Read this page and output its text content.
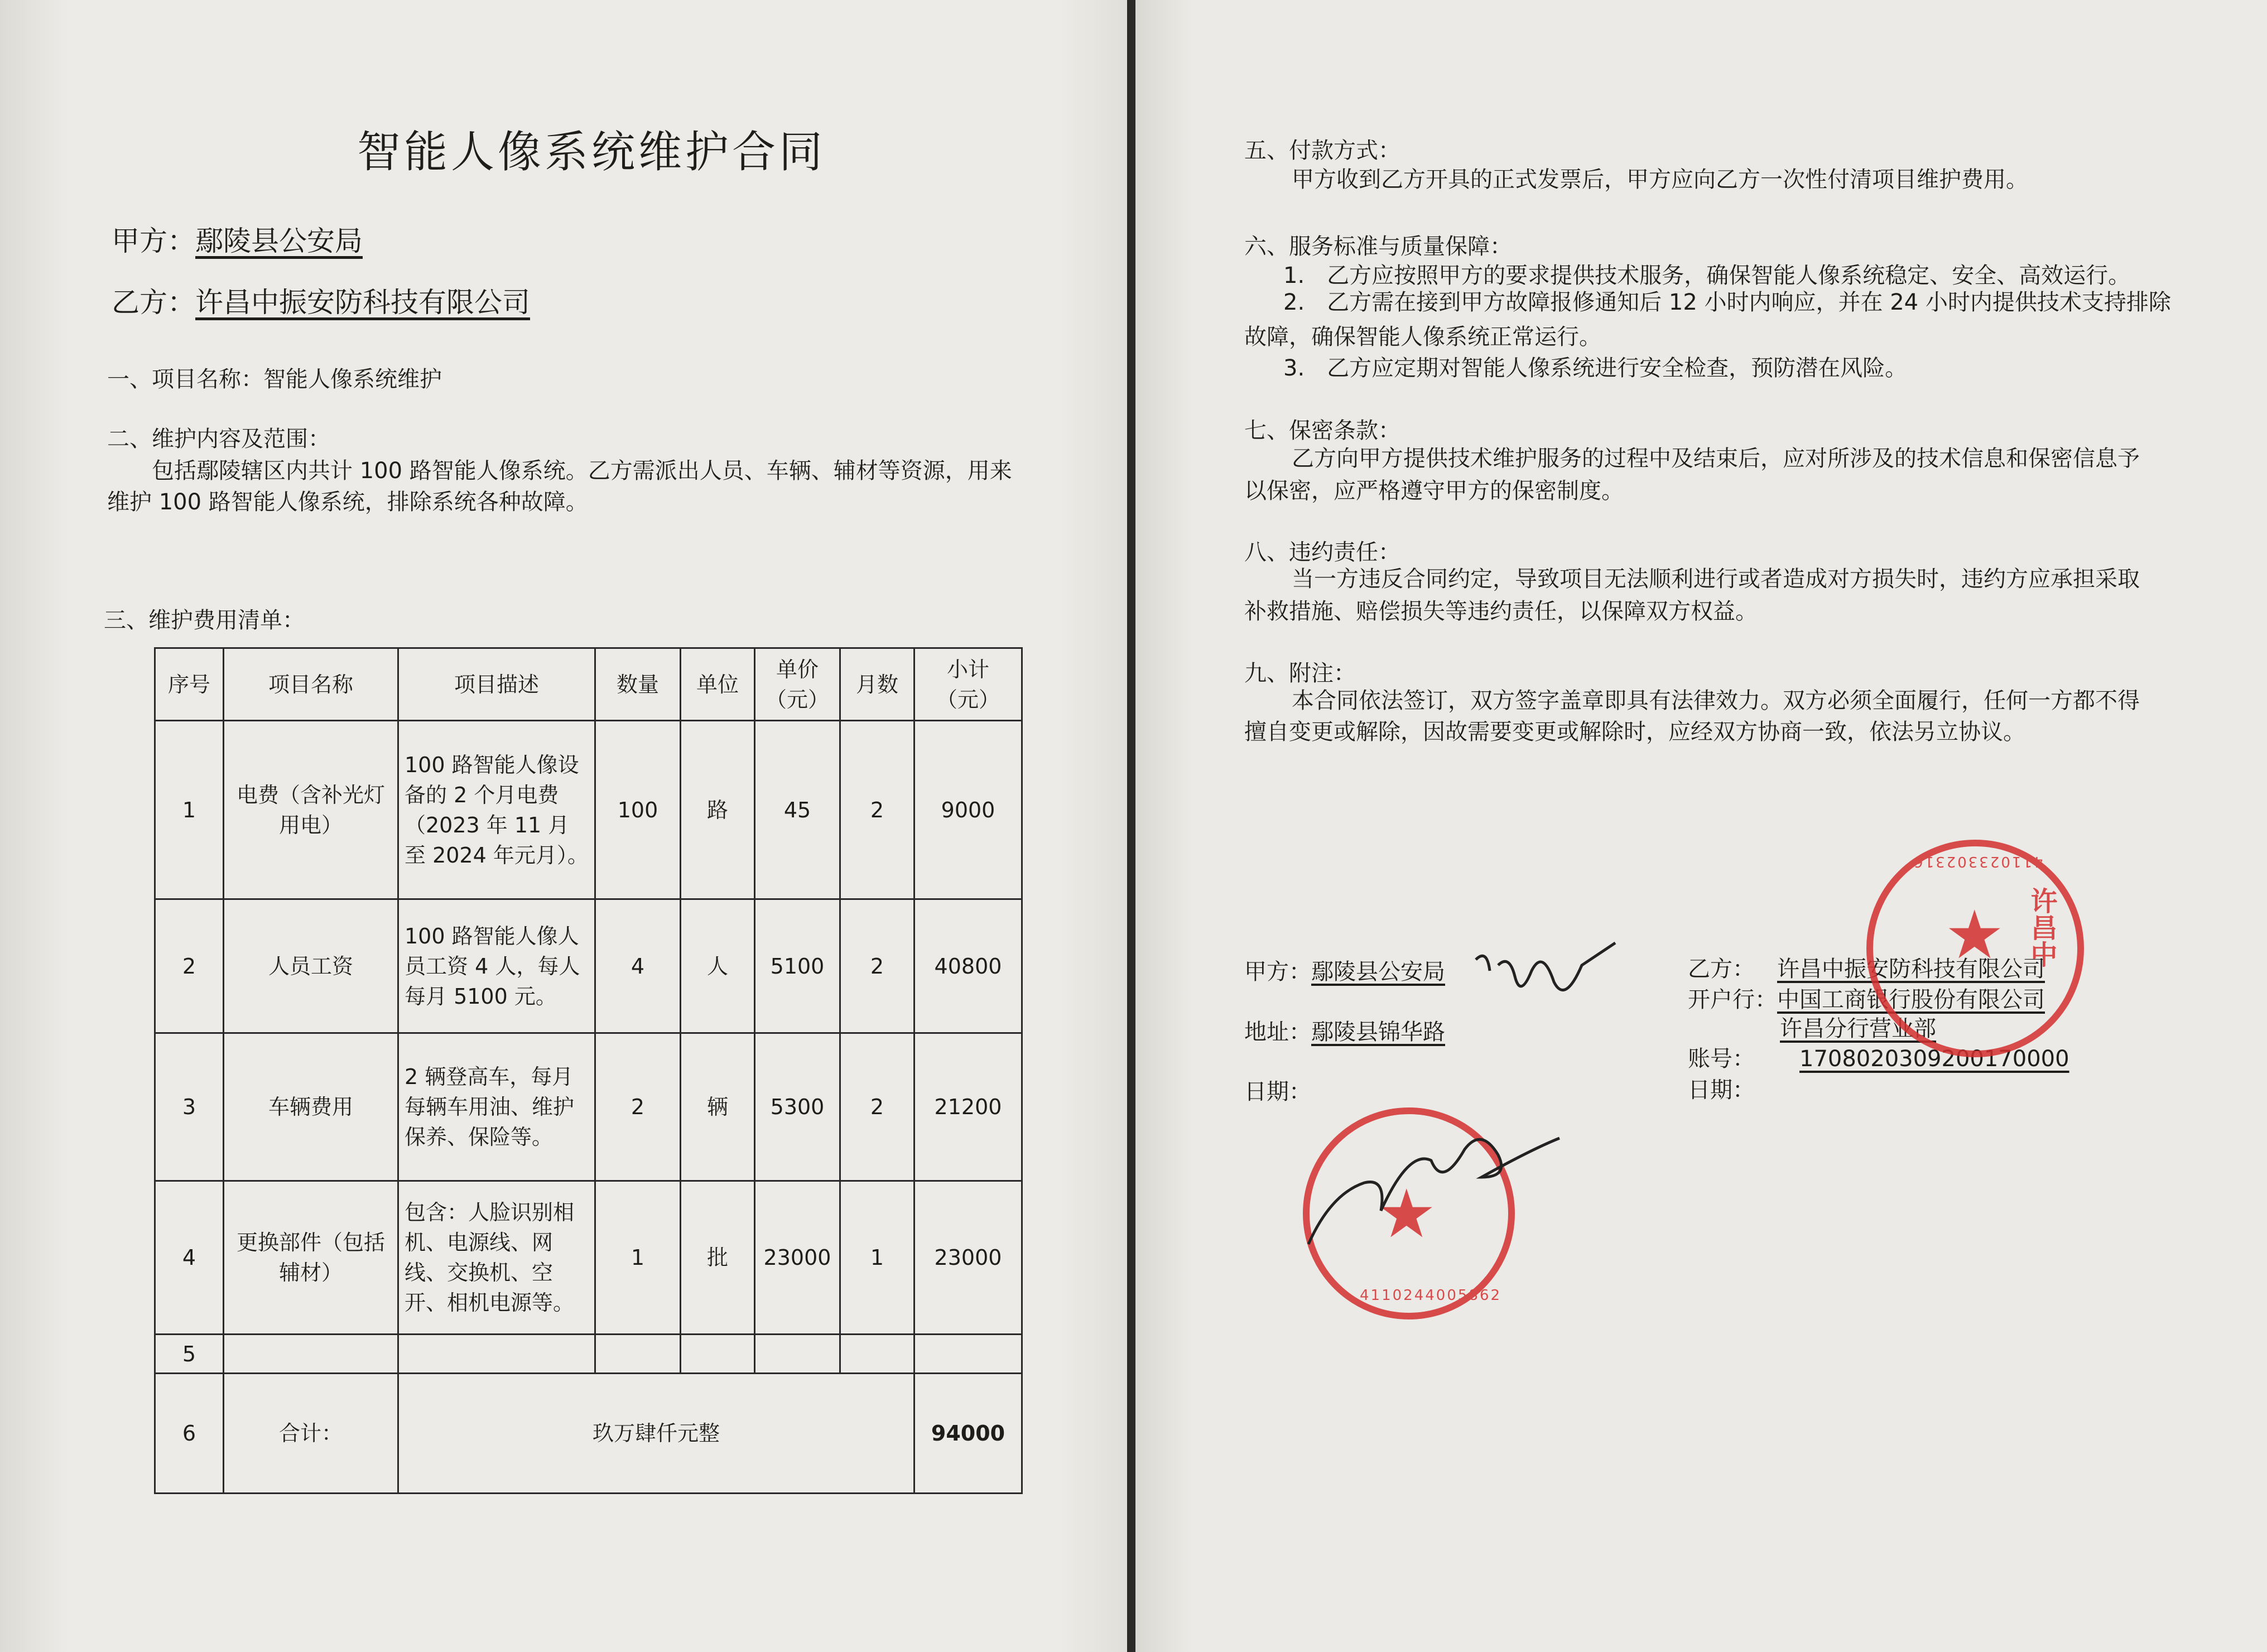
智能人像系统维护合同
甲方：鄢陵县公安局
乙方：许昌中振安防科技有限公司
一、项目名称：智能人像系统维护
二、维护内容及范围：
包括鄢陵辖区内共计 100 路智能人像系统。乙方需派出人员、车辆、辅材等资源，用来
维护 100 路智能人像系统，排除系统各种故障。
三、维护费用清单：
序号	项目名称	项目描述	数量	单位	单价（元）	月数	小计（元）
1	电费（含补光灯用电）	100 路智能人像设备的 2 个月电费（2023 年 11 月至 2024 年元月）。	100	路	45	2	9000
2	人员工资	100 路智能人像人员工资 4 人，每人每月 5100 元。	4	人	5100	2	40800
3	车辆费用	2 辆登高车，每月每辆车用油、维护保养、保险等。	2	辆	5300	2	21200
4	更换部件（包括辅材）	包含：人脸识别相机、电源线、网线、交换机、空开、相机电源等。	1	批	23000	1	23000
5							
6	合计：	玖万肆仟元整					94000
五、付款方式：
甲方收到乙方开具的正式发票后，甲方应向乙方一次性付清项目维护费用。
六、服务标准与质量保障：
1.　乙方应按照甲方的要求提供技术服务，确保智能人像系统稳定、安全、高效运行。
2.　乙方需在接到甲方故障报修通知后 12 小时内响应，并在 24 小时内提供技术支持排除
故障，确保智能人像系统正常运行。
3.　乙方应定期对智能人像系统进行安全检查，预防潜在风险。
七、保密条款：
乙方向甲方提供技术维护服务的过程中及结束后，应对所涉及的技术信息和保密信息予
以保密，应严格遵守甲方的保密制度。
八、违约责任：
当一方违反合同约定，导致项目无法顺利进行或者造成对方损失时，违约方应承担采取
补救措施、赔偿损失等违约责任，以保障双方权益。
九、附注：
本合同依法签订，双方签字盖章即具有法律效力。双方必须全面履行，任何一方都不得
擅自变更或解除，因故需要变更或解除时，应经双方协商一致，依法另立协议。
甲方：鄢陵县公安局
地址：鄢陵县锦华路
日期：
乙方： 许昌中振安防科技有限公司
开户行：中国工商银行股份有限公司
许昌分行营业部
账号： 1708020309200170000
日期：
★
411023302316
许昌中
★
4110244005862
